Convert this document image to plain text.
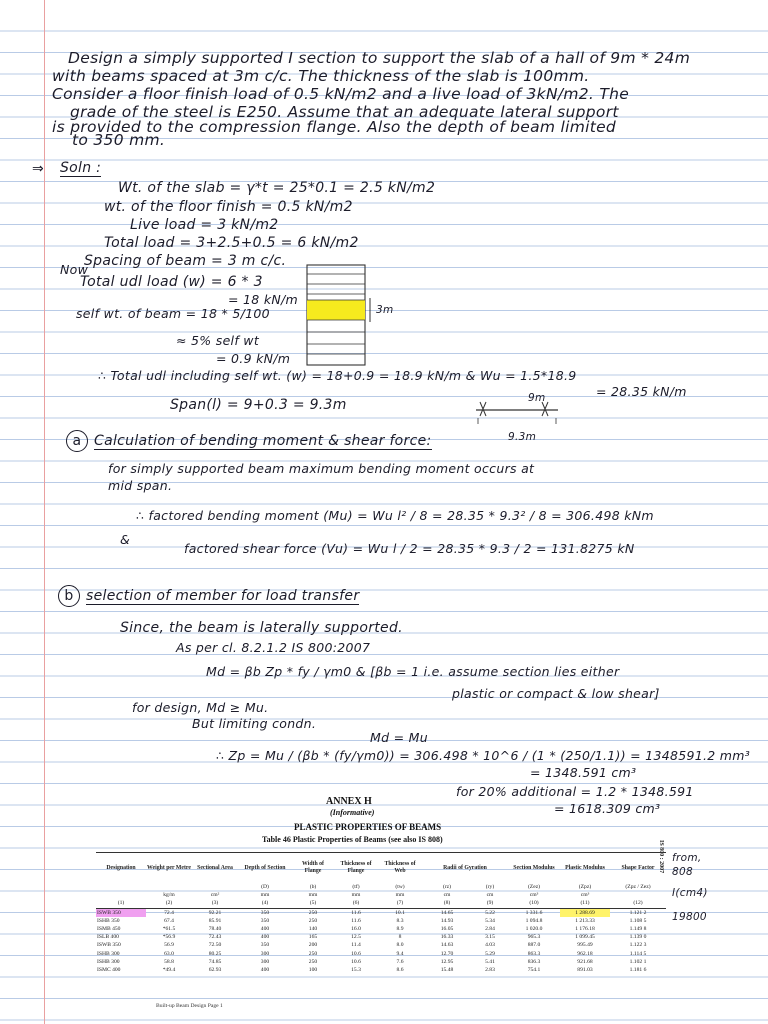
Design a simply supported I section to support the slab of a hall of 9m * 24m
with beams spaced at 3m c/c. The thickness of the slab is 100mm.
Consider a floor finish load of 0.5 kN/m2 and a live load of 3kN/m2. The
grade of the steel is E250. Assume that an adequate lateral support
is provided to the compression flange. Also the depth of beam limited
to 350 mm.
⇒ Soln :
Wt. of the slab = γ*t = 25*0.1 = 2.5 kN/m2
wt. of the floor finish = 0.5 kN/m2
Live load = 3 kN/m2
Total load = 3+2.5+0.5 = 6 kN/m2
Spacing of beam = 3 m c/c.
Now
Total udl load (w) = 6 * 3
= 18 kN/m
self wt. of beam = 18 * 5/100
≈ 5% self wt
= 0.9 kN/m
3m
∴ Total udl including self wt. (w) = 18+0.9 = 18.9 kN/m & Wu = 1.5*18.9
= 28.35 kN/m
Span(l) = 9+0.3 = 9.3m	9m
9.3m
a Calculation of bending moment & shear force:
for simply supported beam maximum bending moment occurs at
mid span.
∴ factored bending moment (Mu) = Wu l² / 8 = 28.35 * 9.3² / 8 = 306.498 kNm
&
factored shear force (Vu) = Wu l / 2 = 28.35 * 9.3 / 2 = 131.8275 kN
b selection of member for load transfer
Since, the beam is laterally supported.
As per cl. 8.2.1.2 IS 800:2007
Md = βb Zp * fy / γm0 & [βb = 1 i.e. assume section lies either
plastic or compact & low shear]
for design, Md ≥ Mu.
But limiting condn.
Md = Mu
∴ Zp = Mu / (βb * (fy/γm0)) = 306.498 * 10^6 / (1 * (250/1.1)) = 1348591.2 mm³
= 1348.591 cm³
for 20% additional = 1.2 * 1348.591
= 1618.309 cm³
ANNEX H
(Informative)
PLASTIC PROPERTIES OF BEAMS
Table 46 Plastic Properties of Beams (see also IS 808)
IS 800 : 2007
Designation	Weight per Metre	Sectional Area	Depth of Section	Width of Flange	Thickness of Flange	Thickness of Web	Radii of Gyration		Section Modulus	Plastic Modulus	Shape Factor
			(D)	(b)	(tf)	(tw)	(rz)	(ry)	(Zez)	(Zpz)	(Zpz / Zez)
	kg/m	cm²	mm	mm	mm	mm	cm	cm	cm³	cm³	
(1)	(2)	(3)	(4)	(5)	(6)	(7)	(8)	(9)	(10)	(11)	(12)
ISWB 350	72.4	92.21	350	250	11.6	10.1	14.65	5.22	1 331.6	1 288.69	1.121 2
ISHB 350	67.4	85.91	350	250	11.6	8.3	14.93	5.34	1 094.8	1 213.33	1.108 5
ISMB 450	*61.5	78.40	400	140	16.0	8.9	16.05	2.84	1 020.0	1 176.18	1.149 8
ISLB 400	*56.9	72.43	400	165	12.5	8	16.33	3.15	965.3	1 099.45	1.139 0
ISWB 350	56.9	72.50	350	200	11.4	8.0	14.63	4.03	887.0	995.49	1.122 3
ISHB 300	63.0	80.25	300	250	10.6	9.4	12.70	5.29	863.3	962.18	1.114 5
ISHB 300	58.8	74.85	300	250	10.6	7.6	12.95	5.41	836.3	921.68	1.102 1
ISMC 400	*49.4	62.93	400	100	15.3	8.6	15.48	2.83	754.1	891.03	1.181 6
from,
808
I(cm4)
19800
Built-up Beam Design Page 1
